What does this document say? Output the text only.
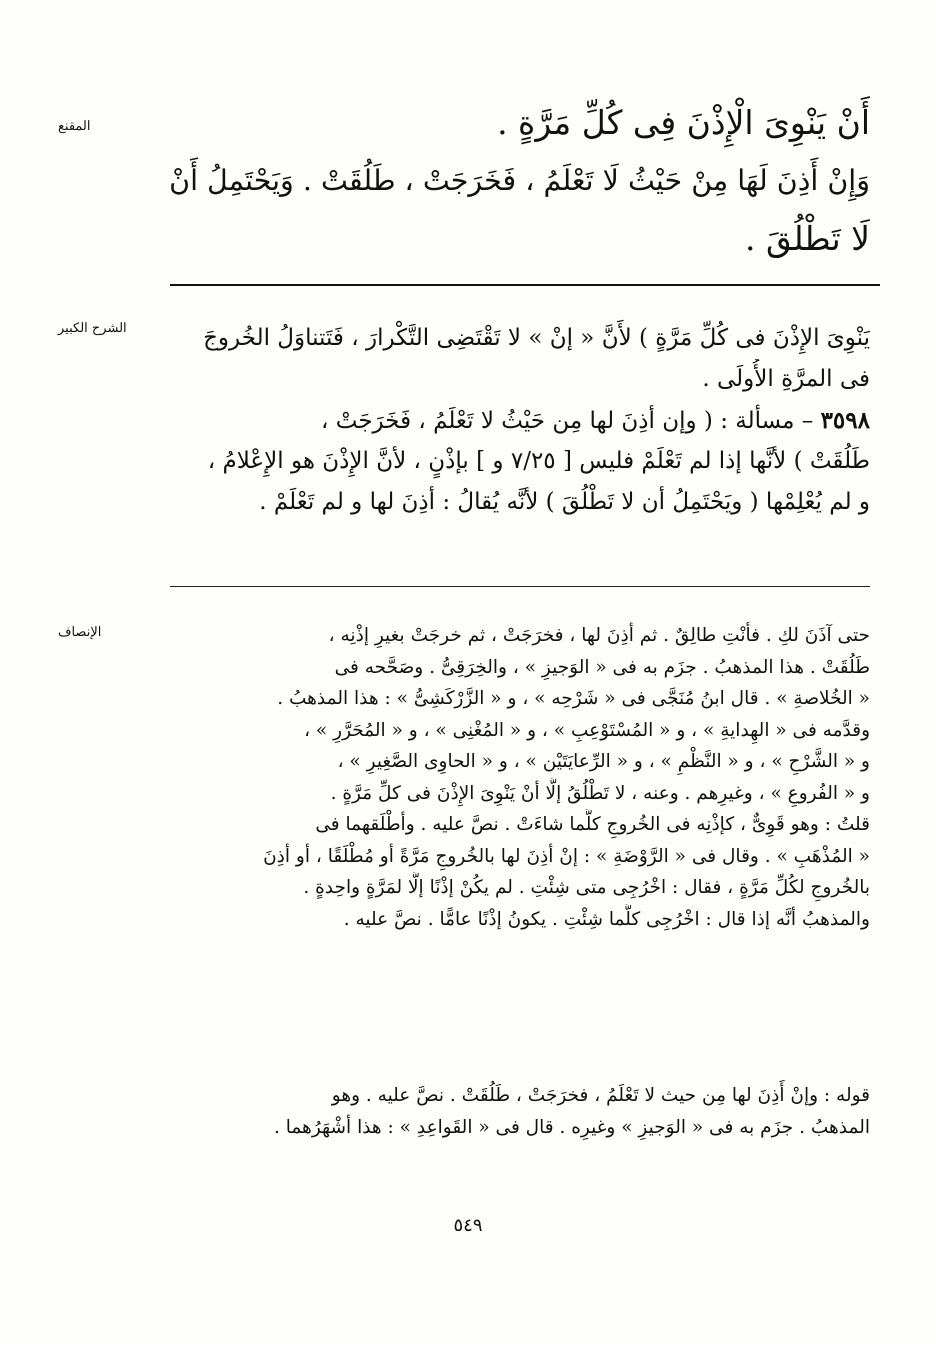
المقنع	أَنْ يَنْوِىَ الْإِذْنَ فِى كُلِّ مَرَّةٍ .
وَإِنْ أَذِنَ لَهَا مِنْ حَيْثُ لَا تَعْلَمُ ، فَخَرَجَتْ ، طَلُقَتْ . وَيَحْتَمِلُ أَنْ
لَا تَطْلُقَ .
الشرح الكبير	يَنْوِىَ الإِذْنَ فى كُلِّ مَرَّةٍ ) لأَنَّ « إنْ » لا تَقْتَضِى التَّكْرارَ ، فَتَتناوَلُ الخُروجَ
فى المرَّةِ الأُولَى .
٣٥٩٨ – مسألة : ( وإن أذِنَ لها مِن حَيْثُ لا تَعْلَمُ ، فَخَرَجَتْ ،
طَلُقَتْ ) لأنَّها إذا لم تَعْلَمْ فليس [ ٧/٢٥ و ] بإذْنٍ ، لأنَّ الإِذْنَ هو الإِعْلامُ ،
و لم يُعْلِمْها ( ويَحْتَمِلُ أن لا تَطْلُقَ ) لأنَّه يُقالُ : أذِنَ لها و لم تَعْلَمْ .
الإنصاف	حتى آذَنَ لكِ . فأنْتِ طالِقٌ . ثم أذِنَ لها ، فخرَجَتْ ، ثم خرجَتْ بغيرِ إذْنِه ،
طَلُقَتْ . هذا المذهبُ . جزَم به فى « الوَجيزِ » ، والخِرَقِىُّ . وصَحَّحه فى
« الخُلاصةِ » . قال ابنُ مُنَجَّى فى « شَرْحِه » ، و « الزَّرْكَشِىُّ » : هذا المذهبُ .
وقدَّمه فى « الهِدايةِ » ، و « المُسْتَوْعِبِ » ، و « المُغْنِى » ، و « المُحَرَّرِ » ،
و « الشَّرْحِ » ، و « النَّظْمِ » ، و « الرِّعايَتَيْن » ، و « الحاوِى الصَّغِيرِ » ،
و « الفُروعِ » ، وغيرِهم . وعنه ، لا تَطْلُقُ إلَّا أنْ يَنْوِىَ الإِذْنَ فى كلِّ مَرَّةٍ .
قلتُ : وهو قَوِىٌّ ، كإذْنِه فى الخُروجِ كلَّما شاءَتْ . نصَّ عليه . وأطْلَقهما فى
« المُذْهَبِ » . وقال فى « الرَّوْضَةِ » : إنْ أذِنَ لها بالخُروجِ مَرَّةً أو مُطْلَقًا ، أو أذِنَ
بالخُروجِ لكُلِّ مَرَّةٍ ، فقال : اخْرُجِى متى شِئْتِ . لم يكُنْ إذْنًا إلَّا لمَرَّةٍ واحِدةٍ .
والمذهبُ أنَّه إذا قال : اخْرُجِى كلَّما شِئْتِ . يكونُ إذْنًا عامًّا . نصَّ عليه .
قوله : وإنْ أَذِنَ لها مِن حيث لا تَعْلَمُ ، فخرَجَتْ ، طَلُقَتْ . نصَّ عليه . وهو
المذهبُ . جزَم به فى « الوَجيزِ » وغيرِه . قال فى « القَواعِدِ » : هذا أشْهَرُهما .
٥٤٩
